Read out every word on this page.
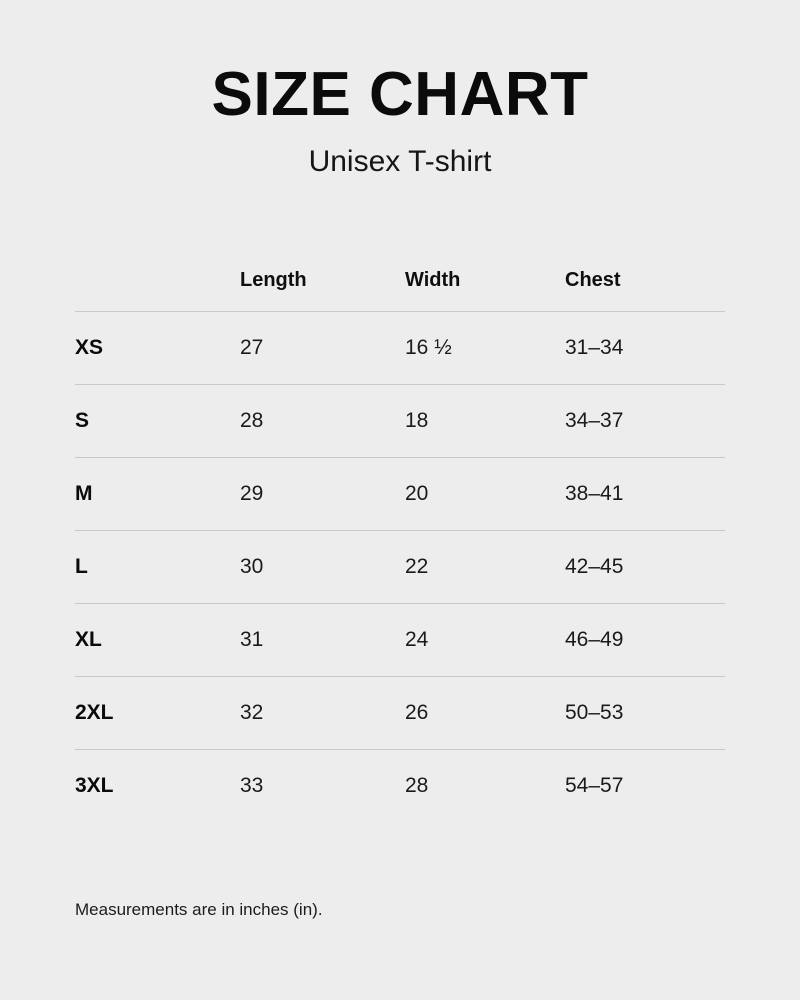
SIZE CHART
Unisex T-shirt
	Length	Width	Chest
XS	27	16 ½	31–34
S	28	18	34–37
M	29	20	38–41
L	30	22	42–45
XL	31	24	46–49
2XL	32	26	50–53
3XL	33	28	54–57
Measurements are in inches (in).
